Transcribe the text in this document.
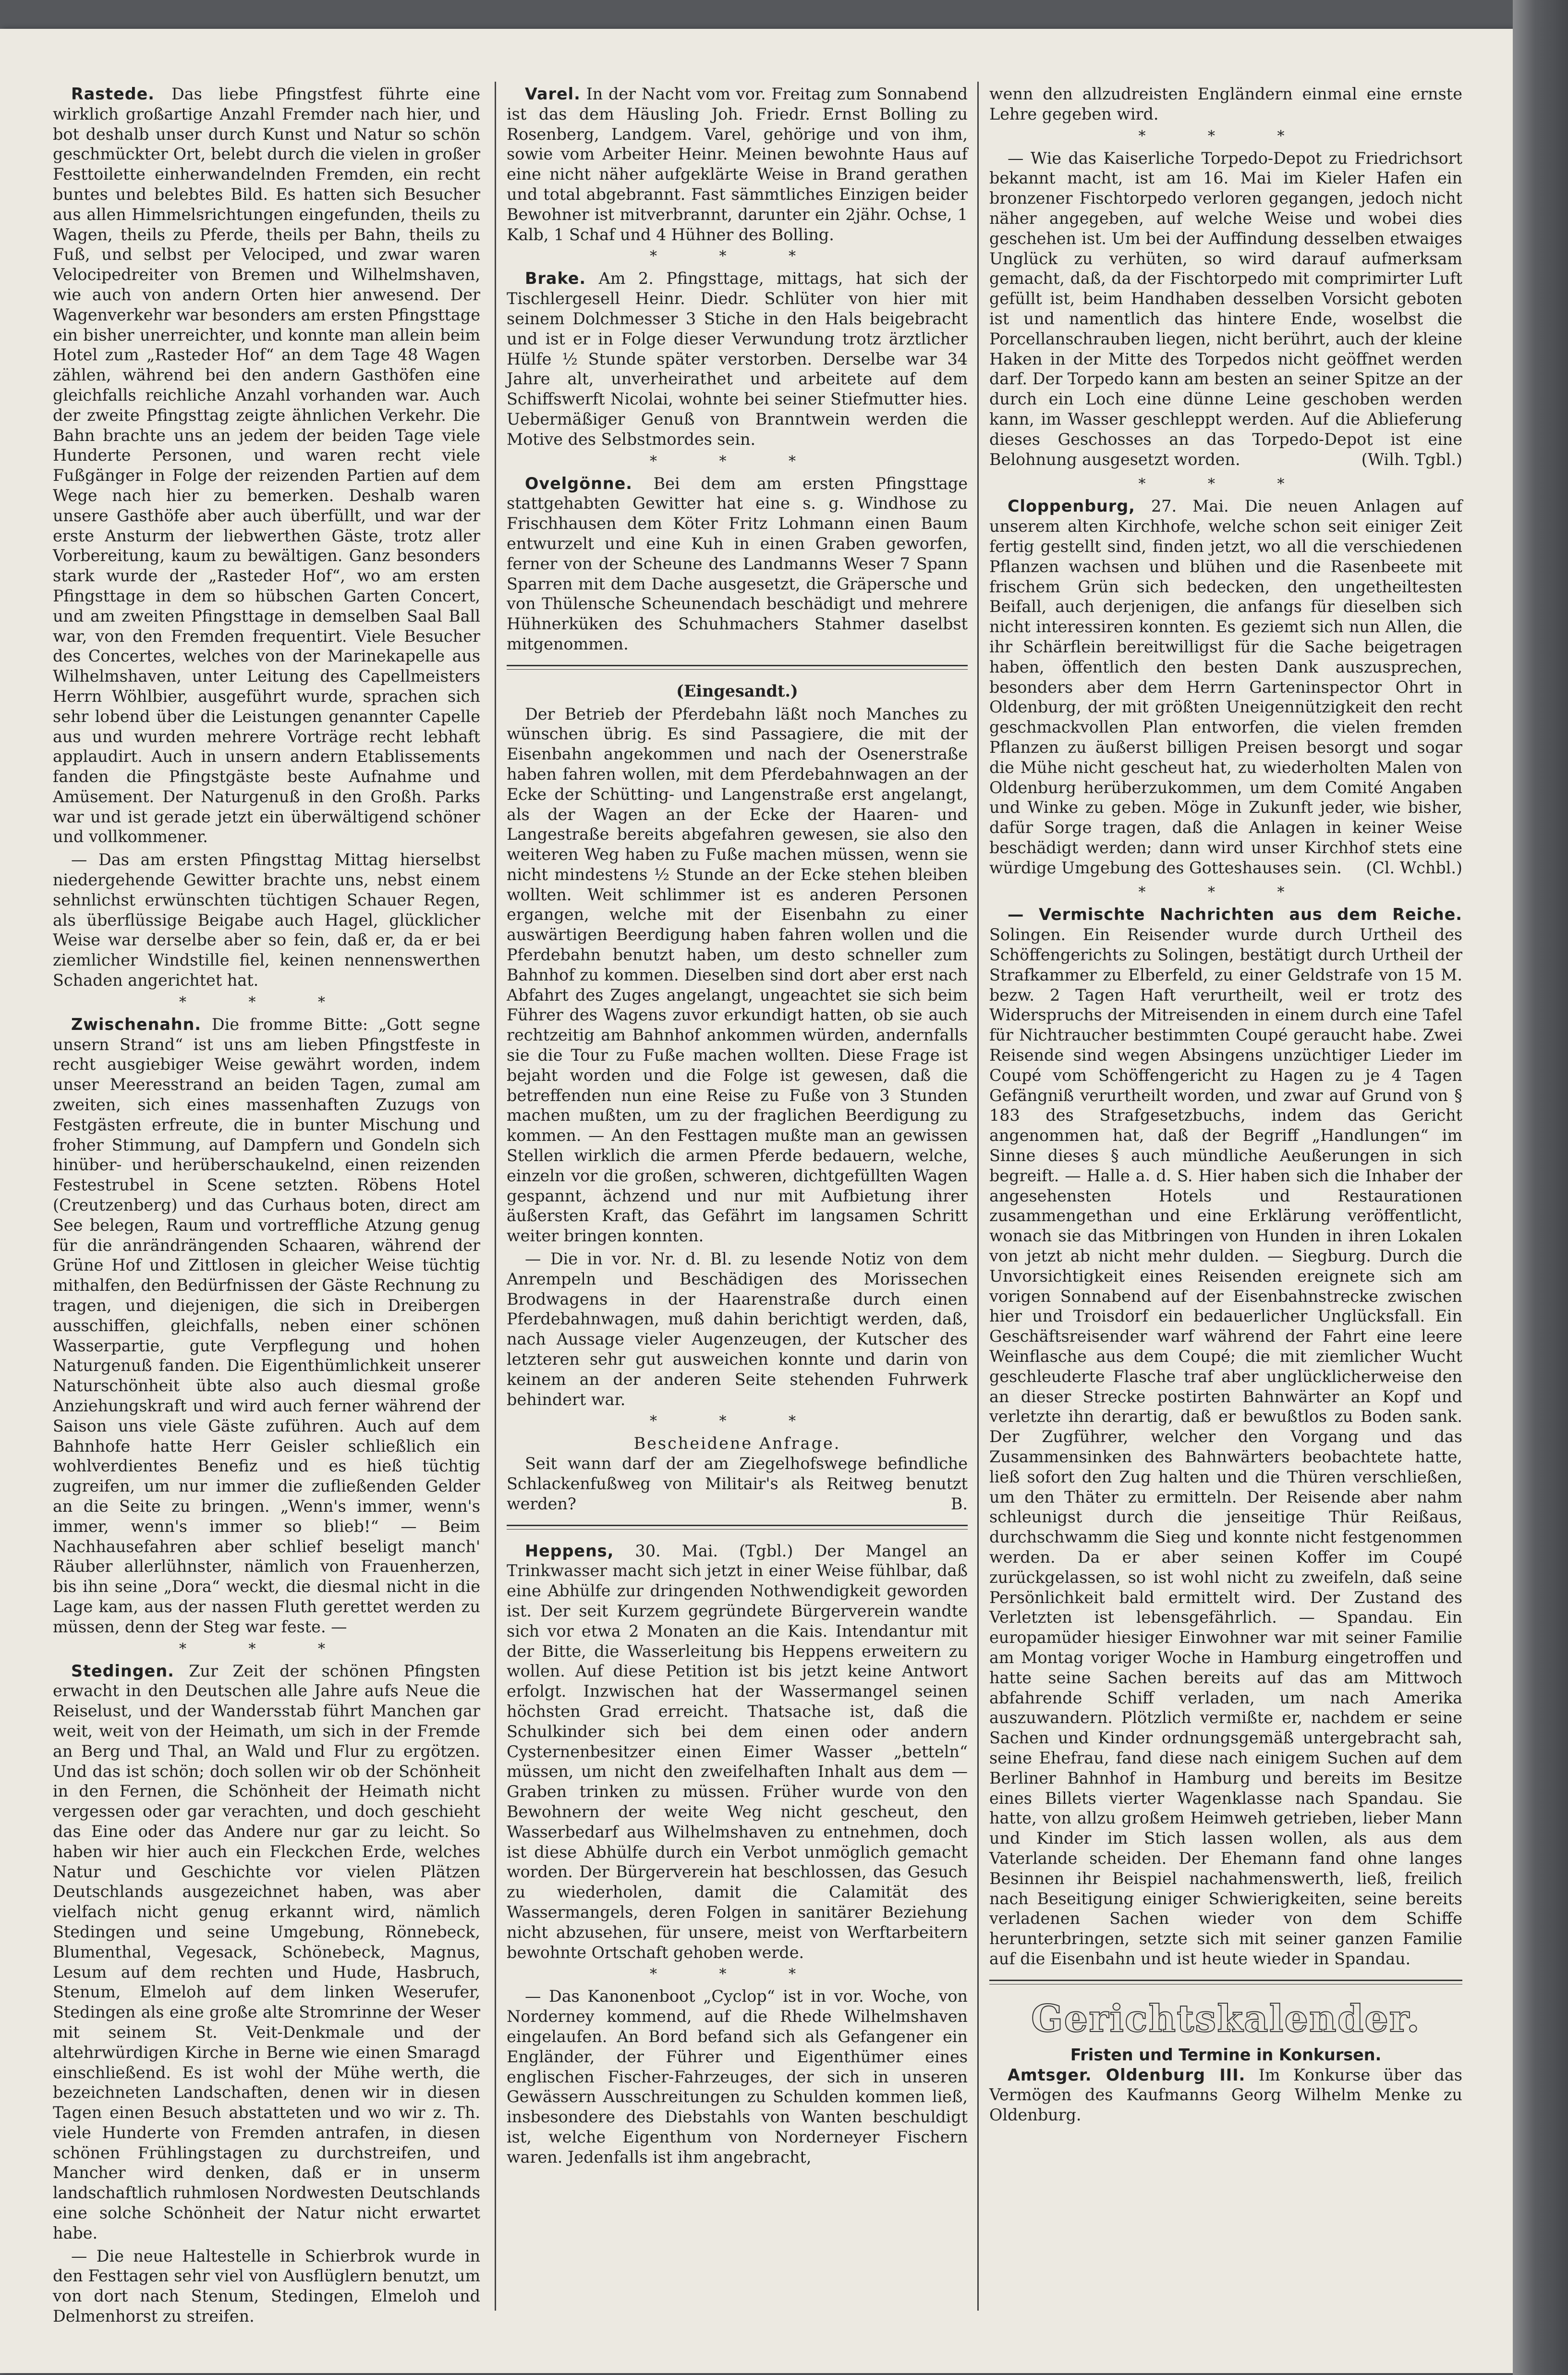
Rastede. Das liebe Pfingstfest führte eine wirklich großartige Anzahl Fremder nach hier, und bot deshalb unser durch Kunst und Natur so schön geschmückter Ort, belebt durch die vielen in großer Festtoilette einherwandelnden Fremden, ein recht buntes und belebtes Bild. Es hatten sich Besucher aus allen Himmelsrichtungen eingefunden, theils zu Wagen, theils zu Pferde, theils per Bahn, theils zu Fuß, und selbst per Velociped, und zwar waren Velocipedreiter von Bremen und Wilhelmshaven, wie auch von andern Orten hier anwesend. Der Wagenverkehr war besonders am ersten Pfingsttage ein bisher unerreichter, und konnte man allein beim Hotel zum „Rasteder Hof“ an dem Tage 48 Wagen zählen, während bei den andern Gasthöfen eine gleichfalls reichliche Anzahl vorhanden war. Auch der zweite Pfingsttag zeigte ähnlichen Verkehr. Die Bahn brachte uns an jedem der beiden Tage viele Hunderte Personen, und waren recht viele Fußgänger in Folge der reizenden Partien auf dem Wege nach hier zu bemerken. Deshalb waren unsere Gasthöfe aber auch überfüllt, und war der erste Ansturm der liebwerthen Gäste, trotz aller Vorbereitung, kaum zu bewältigen. Ganz besonders stark wurde der „Rasteder Hof“, wo am ersten Pfingsttage in dem so hübschen Garten Concert, und am zweiten Pfingsttage in demselben Saal Ball war, von den Fremden frequentirt. Viele Besucher des Concertes, welches von der Marinekapelle aus Wilhelmshaven, unter Leitung des Capellmeisters Herrn Wöhlbier, ausgeführt wurde, sprachen sich sehr lobend über die Leistungen genannter Capelle aus und wurden mehrere Vorträge recht lebhaft applaudirt. Auch in unsern andern Etablissements fanden die Pfingstgäste beste Aufnahme und Amüsement. Der Naturgenuß in den Großh. Parks war und ist gerade jetzt ein überwältigend schöner und vollkommener.

— Das am ersten Pfingsttag Mittag hierselbst niedergehende Gewitter brachte uns, nebst einem sehnlichst erwünschten tüchtigen Schauer Regen, als überflüssige Beigabe auch Hagel, glücklicher Weise war derselbe aber so fein, daß er, da er bei ziemlicher Windstille fiel, keinen nennenswerthen Schaden angerichtet hat.

* * *

Zwischenahn. Die fromme Bitte: „Gott segne unsern Strand“ ist uns am lieben Pfingstfeste in recht ausgiebiger Weise gewährt worden, indem unser Meeresstrand an beiden Tagen, zumal am zweiten, sich eines massenhaften Zuzugs von Festgästen erfreute, die in bunter Mischung und froher Stimmung, auf Dampfern und Gondeln sich hinüber- und herüberschaukelnd, einen reizenden Festestrubel in Scene setzten. Röbens Hotel (Creutzenberg) und das Curhaus boten, direct am See belegen, Raum und vortreffliche Atzung genug für die anrändrängenden Schaaren, während der Grüne Hof und Zittlosen in gleicher Weise tüchtig mithalfen, den Bedürfnissen der Gäste Rechnung zu tragen, und diejenigen, die sich in Dreibergen ausschiffen, gleichfalls, neben einer schönen Wasserpartie, gute Verpflegung und hohen Naturgenuß fanden. Die Eigenthümlichkeit unserer Naturschönheit übte also auch diesmal große Anziehungskraft und wird auch ferner während der Saison uns viele Gäste zuführen. Auch auf dem Bahnhofe hatte Herr Geisler schließlich ein wohlverdientes Benefiz und es hieß tüchtig zugreifen, um nur immer die zufließenden Gelder an die Seite zu bringen. „Wenn's immer, wenn's immer, wenn's immer so blieb!“ — Beim Nachhausefahren aber schlief beseligt manch' Räuber allerlühnster, nämlich von Frauenherzen, bis ihn seine „Dora“ weckt, die diesmal nicht in die Lage kam, aus der nassen Fluth gerettet werden zu müssen, denn der Steg war feste. —

* * *

Stedingen. Zur Zeit der schönen Pfingsten erwacht in den Deutschen alle Jahre aufs Neue die Reiselust, und der Wandersstab führt Manchen gar weit, weit von der Heimath, um sich in der Fremde an Berg und Thal, an Wald und Flur zu ergötzen. Und das ist schön; doch sollen wir ob der Schönheit in den Fernen, die Schönheit der Heimath nicht vergessen oder gar verachten, und doch geschieht das Eine oder das Andere nur gar zu leicht. So haben wir hier auch ein Fleckchen Erde, welches Natur und Geschichte vor vielen Plätzen Deutschlands ausgezeichnet haben, was aber vielfach nicht genug erkannt wird, nämlich Stedingen und seine Umgebung, Rönnebeck, Blumenthal, Vegesack, Schönebeck, Magnus, Lesum auf dem rechten und Hude, Hasbruch, Stenum, Elmeloh auf dem linken Weserufer, Stedingen als eine große alte Stromrinne der Weser mit seinem St. Veit-Denkmale und der altehrwürdigen Kirche in Berne wie einen Smaragd einschließend. Es ist wohl der Mühe werth, die bezeichneten Landschaften, denen wir in diesen Tagen einen Besuch abstatteten und wo wir z. Th. viele Hunderte von Fremden antrafen, in diesen schönen Frühlingstagen zu durchstreifen, und Mancher wird denken, daß er in unserm landschaftlich ruhmlosen Nordwesten Deutschlands eine solche Schönheit der Natur nicht erwartet habe.

— Die neue Haltestelle in Schierbrok wurde in den Festtagen sehr viel von Ausflüglern benutzt, um von dort nach Stenum, Stedingen, Elmeloh und Delmenhorst zu streifen.

Varel. In der Nacht vom vor. Freitag zum Sonnabend ist das dem Häusling Joh. Friedr. Ernst Bolling zu Rosenberg, Landgem. Varel, gehörige und von ihm, sowie vom Arbeiter Heinr. Meinen bewohnte Haus auf eine nicht näher aufgeklärte Weise in Brand gerathen und total abgebrannt. Fast sämmtliches Einzigen beider Bewohner ist mitverbrannt, darunter ein 2jähr. Ochse, 1 Kalb, 1 Schaf und 4 Hühner des Bolling.

* * *

Brake. Am 2. Pfingsttage, mittags, hat sich der Tischlergesell Heinr. Diedr. Schlüter von hier mit seinem Dolchmesser 3 Stiche in den Hals beigebracht und ist er in Folge dieser Verwundung trotz ärztlicher Hülfe ½ Stunde später verstorben. Derselbe war 34 Jahre alt, unverheirathet und arbeitete auf dem Schiffswerft Nicolai, wohnte bei seiner Stiefmutter hies. Uebermäßiger Genuß von Branntwein werden die Motive des Selbstmordes sein.

* * *

Ovelgönne. Bei dem am ersten Pfingsttage stattgehabten Gewitter hat eine s. g. Windhose zu Frischhausen dem Köter Fritz Lohmann einen Baum entwurzelt und eine Kuh in einen Graben geworfen, ferner von der Scheune des Landmanns Weser 7 Spann Sparren mit dem Dache ausgesetzt, die Gräpersche und von Thülensche Scheunendach beschädigt und mehrere Hühnerküken des Schuhmachers Stahmer daselbst mitgenommen.

(Eingesandt.)

Der Betrieb der Pferdebahn läßt noch Manches zu wünschen übrig. Es sind Passagiere, die mit der Eisenbahn angekommen und nach der Osenerstraße haben fahren wollen, mit dem Pferdebahnwagen an der Ecke der Schütting- und Langenstraße erst angelangt, als der Wagen an der Ecke der Haaren- und Langestraße bereits abgefahren gewesen, sie also den weiteren Weg haben zu Fuße machen müssen, wenn sie nicht mindestens ½ Stunde an der Ecke stehen bleiben wollten. Weit schlimmer ist es anderen Personen ergangen, welche mit der Eisenbahn zu einer auswärtigen Beerdigung haben fahren wollen und die Pferdebahn benutzt haben, um desto schneller zum Bahnhof zu kommen. Dieselben sind dort aber erst nach Abfahrt des Zuges angelangt, ungeachtet sie sich beim Führer des Wagens zuvor erkundigt hatten, ob sie auch rechtzeitig am Bahnhof ankommen würden, andernfalls sie die Tour zu Fuße machen wollten. Diese Frage ist bejaht worden und die Folge ist gewesen, daß die betreffenden nun eine Reise zu Fuße von 3 Stunden machen mußten, um zu der fraglichen Beerdigung zu kommen. — An den Festtagen mußte man an gewissen Stellen wirklich die armen Pferde bedauern, welche, einzeln vor die großen, schweren, dichtgefüllten Wagen gespannt, ächzend und nur mit Aufbietung ihrer äußersten Kraft, das Gefährt im langsamen Schritt weiter bringen konnten.

— Die in vor. Nr. d. Bl. zu lesende Notiz von dem Anrempeln und Beschädigen des Morissechen Brodwagens in der Haarenstraße durch einen Pferdebahnwagen, muß dahin berichtigt werden, daß, nach Aussage vieler Augenzeugen, der Kutscher des letzteren sehr gut ausweichen konnte und darin von keinem an der anderen Seite stehenden Fuhrwerk behindert war.

* * *

Bescheidene Anfrage.

Seit wann darf der am Ziegelhofswege befindliche Schlackenfußweg von Militair's als Reitweg benutzt werden?	B.

Heppens, 30. Mai. (Tgbl.) Der Mangel an Trinkwasser macht sich jetzt in einer Weise fühlbar, daß eine Abhülfe zur dringenden Nothwendigkeit geworden ist. Der seit Kurzem gegründete Bürgerverein wandte sich vor etwa 2 Monaten an die Kais. Intendantur mit der Bitte, die Wasserleitung bis Heppens erweitern zu wollen. Auf diese Petition ist bis jetzt keine Antwort erfolgt. Inzwischen hat der Wassermangel seinen höchsten Grad erreicht. Thatsache ist, daß die Schulkinder sich bei dem einen oder andern Cysternenbesitzer einen Eimer Wasser „betteln“ müssen, um nicht den zweifelhaften Inhalt aus dem — Graben trinken zu müssen. Früher wurde von den Bewohnern der weite Weg nicht gescheut, den Wasserbedarf aus Wilhelmshaven zu entnehmen, doch ist diese Abhülfe durch ein Verbot unmöglich gemacht worden. Der Bürgerverein hat beschlossen, das Gesuch zu wiederholen, damit die Calamität des Wassermangels, deren Folgen in sanitärer Beziehung nicht abzusehen, für unsere, meist von Werftarbeitern bewohnte Ortschaft gehoben werde.

* * *

— Das Kanonenboot „Cyclop“ ist in vor. Woche, von Norderney kommend, auf die Rhede Wilhelmshaven eingelaufen. An Bord befand sich als Gefangener ein Engländer, der Führer und Eigenthümer eines englischen Fischer-Fahrzeuges, der sich in unseren Gewässern Ausschreitungen zu Schulden kommen ließ, insbesondere des Diebstahls von Wanten beschuldigt ist, welche Eigenthum von Norderneyer Fischern waren. Jedenfalls ist ihm angebracht,

wenn den allzudreisten Engländern einmal eine ernste Lehre gegeben wird.

* * *

— Wie das Kaiserliche Torpedo-Depot zu Friedrichsort bekannt macht, ist am 16. Mai im Kieler Hafen ein bronzener Fischtorpedo verloren gegangen, jedoch nicht näher angegeben, auf welche Weise und wobei dies geschehen ist. Um bei der Auffindung desselben etwaiges Unglück zu verhüten, so wird darauf aufmerksam gemacht, daß, da der Fischtorpedo mit comprimirter Luft gefüllt ist, beim Handhaben desselben Vorsicht geboten ist und namentlich das hintere Ende, woselbst die Porcellanschrauben liegen, nicht berührt, auch der kleine Haken in der Mitte des Torpedos nicht geöffnet werden darf. Der Torpedo kann am besten an seiner Spitze an der durch ein Loch eine dünne Leine geschoben werden kann, im Wasser geschleppt werden. Auf die Ablieferung dieses Geschosses an das Torpedo-Depot ist eine Belohnung ausgesetzt worden.	(Wilh. Tgbl.)

* * *

Cloppenburg, 27. Mai. Die neuen Anlagen auf unserem alten Kirchhofe, welche schon seit einiger Zeit fertig gestellt sind, finden jetzt, wo all die verschiedenen Pflanzen wachsen und blühen und die Rasenbeete mit frischem Grün sich bedecken, den ungetheiltesten Beifall, auch derjenigen, die anfangs für dieselben sich nicht interessiren konnten. Es geziemt sich nun Allen, die ihr Schärflein bereitwilligst für die Sache beigetragen haben, öffentlich den besten Dank auszusprechen, besonders aber dem Herrn Garteninspector Ohrt in Oldenburg, der mit größten Uneigennützigkeit den recht geschmackvollen Plan entworfen, die vielen fremden Pflanzen zu äußerst billigen Preisen besorgt und sogar die Mühe nicht gescheut hat, zu wiederholten Malen von Oldenburg herüberzukommen, um dem Comité Angaben und Winke zu geben. Möge in Zukunft jeder, wie bisher, dafür Sorge tragen, daß die Anlagen in keiner Weise beschädigt werden; dann wird unser Kirchhof stets eine würdige Umgebung des Gotteshauses sein.	(Cl. Wchbl.)

* * *

— Vermischte Nachrichten aus dem Reiche. Solingen. Ein Reisender wurde durch Urtheil des Schöffengerichts zu Solingen, bestätigt durch Urtheil der Strafkammer zu Elberfeld, zu einer Geldstrafe von 15 M. bezw. 2 Tagen Haft verurtheilt, weil er trotz des Widerspruchs der Mitreisenden in einem durch eine Tafel für Nichtraucher bestimmten Coupé geraucht habe. Zwei Reisende sind wegen Absingens unzüchtiger Lieder im Coupé vom Schöffengericht zu Hagen zu je 4 Tagen Gefängniß verurtheilt worden, und zwar auf Grund von § 183 des Strafgesetzbuchs, indem das Gericht angenommen hat, daß der Begriff „Handlungen“ im Sinne dieses § auch mündliche Aeußerungen in sich begreift. — Halle a. d. S. Hier haben sich die Inhaber der angesehensten Hotels und Restaurationen zusammengethan und eine Erklärung veröffentlicht, wonach sie das Mitbringen von Hunden in ihren Lokalen von jetzt ab nicht mehr dulden. — Siegburg. Durch die Unvorsichtigkeit eines Reisenden ereignete sich am vorigen Sonnabend auf der Eisenbahnstrecke zwischen hier und Troisdorf ein bedauerlicher Unglücksfall. Ein Geschäftsreisender warf während der Fahrt eine leere Weinflasche aus dem Coupé; die mit ziemlicher Wucht geschleuderte Flasche traf aber unglücklicherweise den an dieser Strecke postirten Bahnwärter an Kopf und verletzte ihn derartig, daß er bewußtlos zu Boden sank. Der Zugführer, welcher den Vorgang und das Zusammensinken des Bahnwärters beobachtete hatte, ließ sofort den Zug halten und die Thüren verschließen, um den Thäter zu ermitteln. Der Reisende aber nahm schleunigst durch die jenseitige Thür Reißaus, durchschwamm die Sieg und konnte nicht festgenommen werden. Da er aber seinen Koffer im Coupé zurückgelassen, so ist wohl nicht zu zweifeln, daß seine Persönlichkeit bald ermittelt wird. Der Zustand des Verletzten ist lebensgefährlich. — Spandau. Ein europamüder hiesiger Einwohner war mit seiner Familie am Montag voriger Woche in Hamburg eingetroffen und hatte seine Sachen bereits auf das am Mittwoch abfahrende Schiff verladen, um nach Amerika auszuwandern. Plötzlich vermißte er, nachdem er seine Sachen und Kinder ordnungsgemäß untergebracht sah, seine Ehefrau, fand diese nach einigem Suchen auf dem Berliner Bahnhof in Hamburg und bereits im Besitze eines Billets vierter Wagenklasse nach Spandau. Sie hatte, von allzu großem Heimweh getrieben, lieber Mann und Kinder im Stich lassen wollen, als aus dem Vaterlande scheiden. Der Ehemann fand ohne langes Besinnen ihr Beispiel nachahmenswerth, ließ, freilich nach Beseitigung einiger Schwierigkeiten, seine bereits verladenen Sachen wieder von dem Schiffe herunterbringen, setzte sich mit seiner ganzen Familie auf die Eisenbahn und ist heute wieder in Spandau.

Gerichtskalender.

Fristen und Termine in Konkursen.

Amtsger. Oldenburg III. Im Konkurse über das Vermögen des Kaufmanns Georg Wilhelm Menke zu Oldenburg.
